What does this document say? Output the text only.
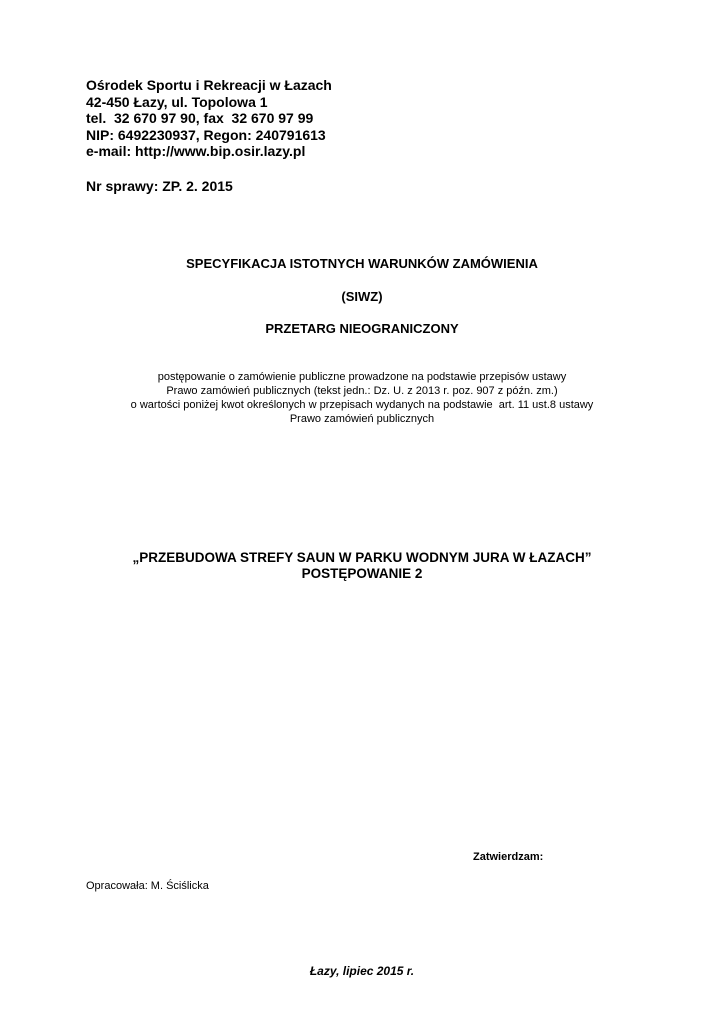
Ośrodek Sportu i Rekreacji w Łazach
42-450 Łazy, ul. Topolowa 1
tel.  32 670 97 90, fax  32 670 97 99
NIP: 6492230937, Regon: 240791613
e-mail: http://www.bip.osir.lazy.pl
Nr sprawy: ZP. 2. 2015
SPECYFIKACJA ISTOTNYCH WARUNKÓW ZAMÓWIENIA
(SIWZ)
PRZETARG NIEOGRANICZONY
postępowanie o zamówienie publiczne prowadzone na podstawie przepisów ustawy
Prawo zamówień publicznych (tekst jedn.: Dz. U. z 2013 r. poz. 907 z późn. zm.)
o wartości poniżej kwot określonych w przepisach wydanych na podstawie  art. 11 ust.8 ustawy
Prawo zamówień publicznych
„PRZEBUDOWA STREFY SAUN W PARKU WODNYM JURA W ŁAZACH”
POSTĘPOWANIE 2
Zatwierdzam:
Opracowała: M. Ściślicka
Łazy, lipiec 2015 r.
